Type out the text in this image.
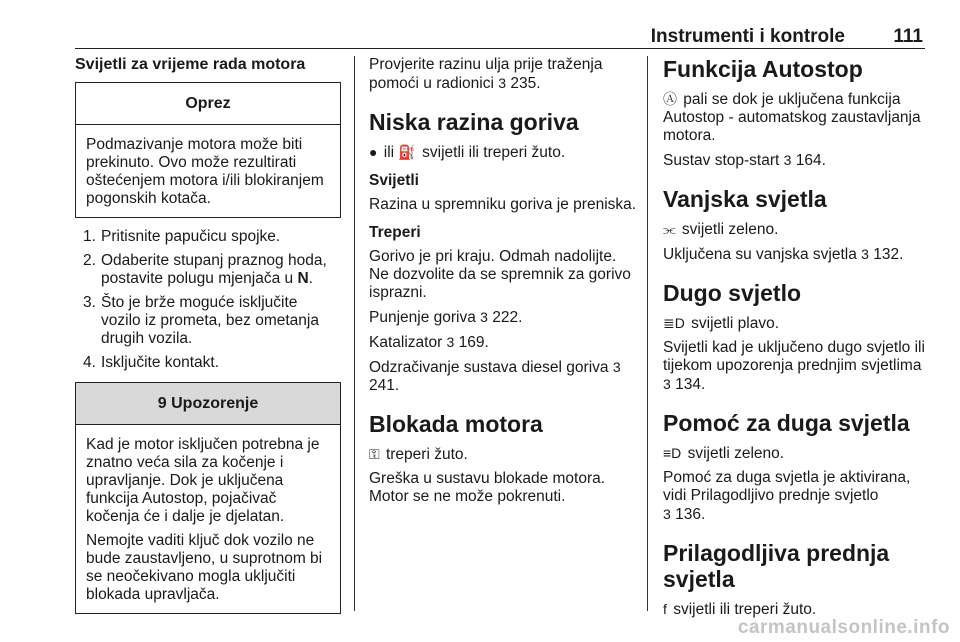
Instrumenti i kontrole	111
Svijetli za vrijeme rada motora
Oprez

Podmazivanje motora može biti prekinuto. Ovo može rezultirati oštećenjem motora i/ili blokiranjem pogonskih kotača.

1. Pritisnite papučicu spojke.
2. Odaberite stupanj praznog hoda, postavite polugu mjenjača u N.
3. Što je brže moguće isključite vozilo iz prometa, bez ometanja drugih vozila.
4. Isključite kontakt.
9 Upozorenje

Kad je motor isključen potrebna je znatno veća sila za kočenje i upravljanje. Dok je uključena funkcija Autostop, pojačivač kočenja će i dalje je djelatan.

Nemojte vaditi ključ dok vozilo ne bude zaustavljeno, u suprotnom bi se neočekivano mogla uključiti blokada upravljača.

Provjerite razinu ulja prije traženja pomoći u radionici 3 235.

Niska razina goriva

● ili ⛽ svijetli ili treperi žuto.

Svijetli

Razina u spremniku goriva je preniska.

Treperi

Gorivo je pri kraju. Odmah nadolijte. Ne dozvolite da se spremnik za gorivo isprazni.

Punjenje goriva 3 222.

Katalizator 3 169.

Odzračivanje sustava diesel goriva 3 241.

Blokada motora

⚿ treperi žuto.

Greška u sustavu blokade motora. Motor se ne može pokrenuti.

Funkcija Autostop

Ⓐ pali se dok je uključena funkcija Autostop - automatskog zaustavljanja motora.

Sustav stop-start 3 164.

Vanjska svjetla

⫘ svijetli zeleno.

Uključena su vanjska svjetla 3 132.

Dugo svjetlo

≣D svijetli plavo.

Svijetli kad je uključeno dugo svjetlo ili tijekom upozorenja prednjim svjetlima 3 134.

Pomoć za duga svjetla

≡D svijetli zeleno.

Pomoć za duga svjetla je aktivirana, vidi Prilagodljivo prednje svjetlo
3 136.

Prilagodljiva prednja svjetla

f svijetli ili treperi žuto.

carmanualsonline.info
